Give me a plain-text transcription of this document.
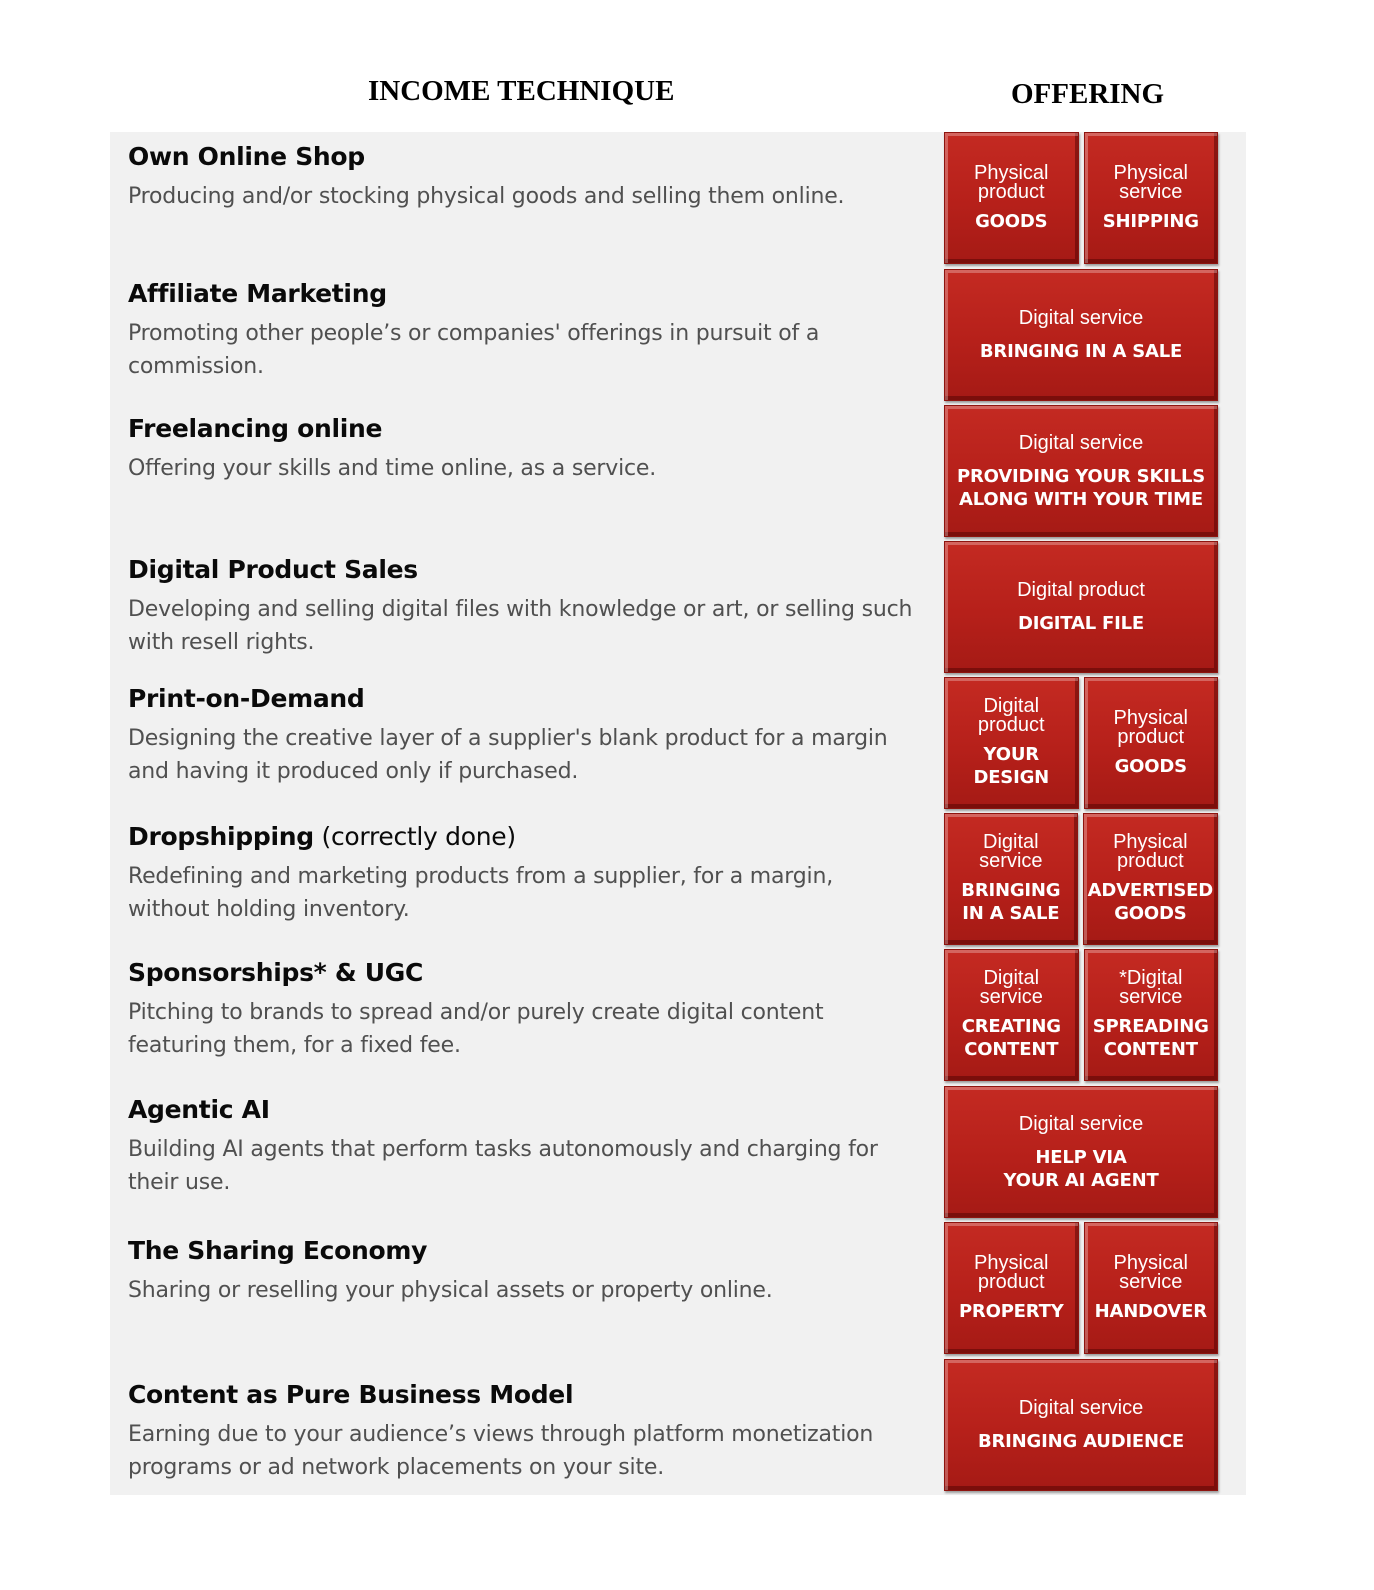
INCOME TECHNIQUE	OFFERING
Own Online Shop
Producing and/or stocking physical goods and selling them online.
Physical
product
GOODS
Physical
service
SHIPPING
Affiliate Marketing
Promoting other people’s or companies' offerings in pursuit of a commission.
Digital service
BRINGING IN A SALE
Freelancing online
Offering your skills and time online, as a service.
Digital service
PROVIDING YOUR SKILLS
ALONG WITH YOUR TIME
Digital Product Sales
Developing and selling digital files with knowledge or art, or selling such with resell rights.
Digital product
DIGITAL FILE
Print-on-Demand
Designing the creative layer of a supplier's blank product for a margin and having it produced only if purchased.
Digital
product
YOUR
DESIGN
Physical
product
GOODS
Dropshipping (correctly done)
Redefining and marketing products from a supplier, for a margin, without holding inventory.
Digital
service
BRINGING
IN A SALE
Physical
product
ADVERTISED
GOODS
Sponsorships* & UGC
Pitching to brands to spread and/or purely create digital content featuring them, for a fixed fee.
Digital
service
CREATING
CONTENT
*Digital
service
SPREADING
CONTENT
Agentic AI
Building AI agents that perform tasks autonomously and charging for their use.
Digital service
HELP VIA
YOUR AI AGENT
The Sharing Economy
Sharing or reselling your physical assets or property online.
Physical
product
PROPERTY
Physical
service
HANDOVER
Content as Pure Business Model
Earning due to your audience’s views through platform monetization programs or ad network placements on your site.
Digital service
BRINGING AUDIENCE
